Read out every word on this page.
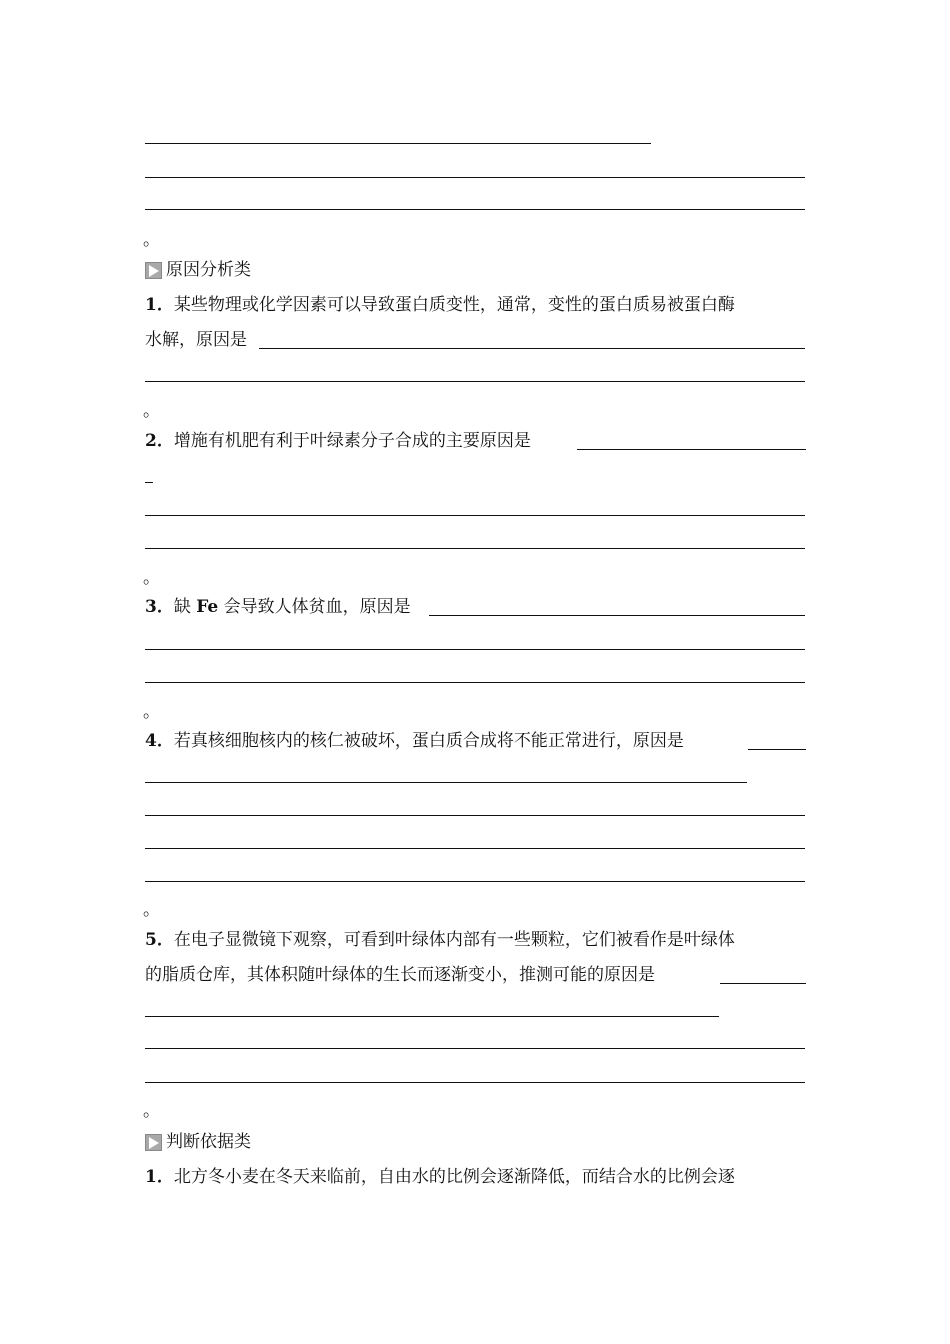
。
原因分析类
1．某些物理或化学因素可以导致蛋白质变性，通常，变性的蛋白质易被蛋白酶
水解，原因是
。
2．增施有机肥有利于叶绿素分子合成的主要原因是
。
3．缺 Fe 会导致人体贫血，原因是
。
4．若真核细胞核内的核仁被破坏，蛋白质合成将不能正常进行，原因是
。
5．在电子显微镜下观察，可看到叶绿体内部有一些颗粒，它们被看作是叶绿体
的脂质仓库，其体积随叶绿体的生长而逐渐变小，推测可能的原因是
。
判断依据类
1．北方冬小麦在冬天来临前，自由水的比例会逐渐降低，而结合水的比例会逐
